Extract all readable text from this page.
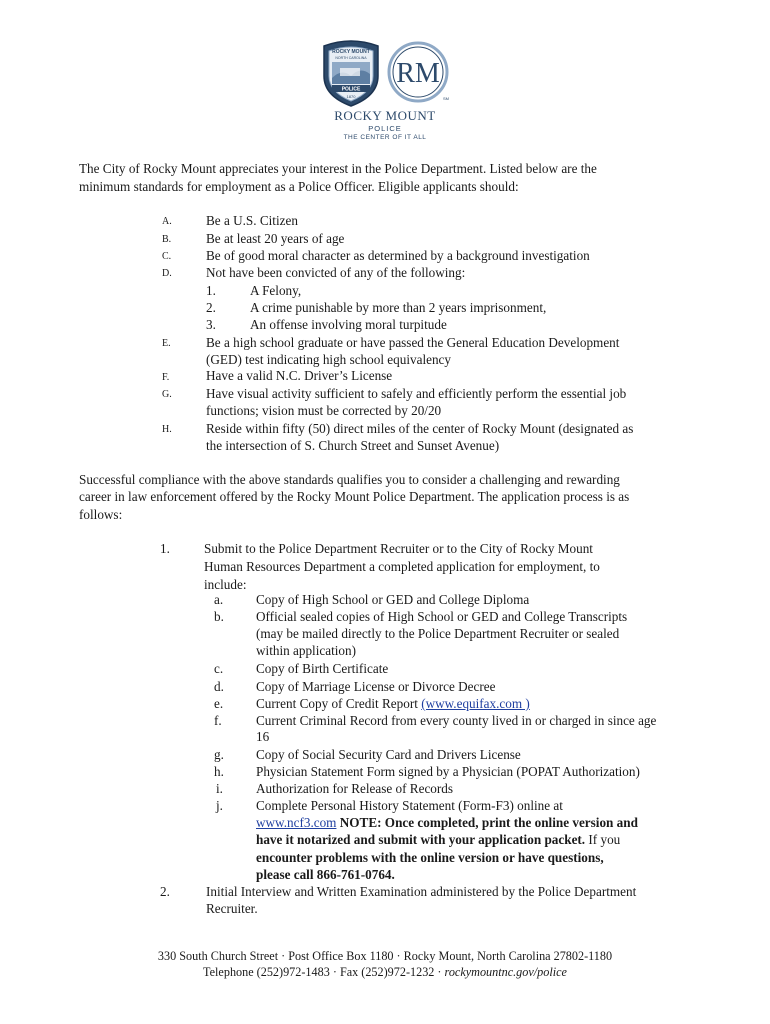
POLICE
1870
ROCKY MOUNT
NORTH CAROLINA RM
SM
ROCKY MOUNT
POLICE
THE CENTER OF IT ALL
The City of Rocky Mount appreciates your interest in the Police Department. Listed below are the
minimum standards for employment as a Police Officer. Eligible applicants should:
A.	Be a U.S. Citizen
B.	Be at least 20 years of age
C.	Be of good moral character as determined by a background investigation
D.	Not have been convicted of any of the following:
1.	A Felony,
2.	A crime punishable by more than 2 years imprisonment,
3.	An offense involving moral turpitude
E.	Be a high school graduate or have passed the General Education Development
(GED) test indicating high school equivalency
F.	Have a valid N.C. Driver’s License
G.	Have visual activity sufficient to safely and efficiently perform the essential job
functions; vision must be corrected by 20/20
H.	Reside within fifty (50) direct miles of the center of Rocky Mount (designated as
the intersection of S. Church Street and Sunset Avenue)
Successful compliance with the above standards qualifies you to consider a challenging and rewarding
career in law enforcement offered by the Rocky Mount Police Department. The application process is as
follows:
1.	Submit to the Police Department Recruiter or to the City of Rocky Mount
Human Resources Department a completed application for employment, to
include:
a. Copy of High School or GED and College Diploma
b. Official sealed copies of High School or GED and College Transcripts
(may be mailed directly to the Police Department Recruiter or sealed
within application)
c. Copy of Birth Certificate
d. Copy of Marriage License or Divorce Decree
e. Current Copy of Credit Report (www.equifax.com )
f.	Current Criminal Record from every county lived in or charged in since age
16
g. Copy of Social Security Card and Drivers License
h. Physician Statement Form signed by a Physician (POPAT Authorization)
i.	Authorization for Release of Records
j.	Complete Personal History Statement (Form-F3) online at
www.ncf3.com NOTE: Once completed, print the online version and
have it notarized and submit with your application packet. If you
encounter problems with the online version or have questions,
please call 866-761-0764.
2.	Initial Interview and Written Examination administered by the Police Department
Recruiter.
330 South Church Street · Post Office Box 1180 · Rocky Mount, North Carolina 27802-1180
Telephone (252)972-1483 · Fax (252)972-1232 · rockymountnc.gov/police
